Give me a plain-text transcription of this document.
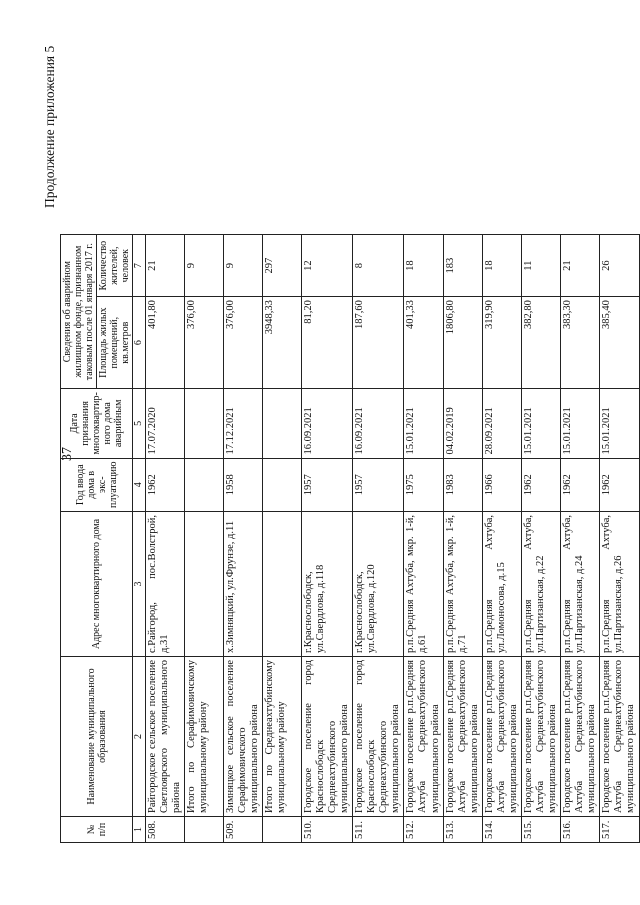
37
Продолжение приложения 5
№ п/п	Наименование муниципального образования	Адрес многоквартирного дома	Год ввода дома в экс-плуатацию	Дата признания многоквартир-ного дома аварийным	Сведения об аварийном жилищном фонде, признанном таковым после 01 января 2017 г.	
					Площадь жилых помещений, кв.метров	Количество жителей, человек
1	2	3	4	5	6	7
508.	Райгородское сельское поселение Светлоярского муниципального района	с.Райгород, пос.Волстрой, д.31	1962	17.07.2020	401,80	21
	Итого по Серафимовичскому муниципальному району				376,00	9
509.	Зимняцкое сельское поселение Серафимовичского муниципального района	х.Зимняцкий, ул.Фрунзе, д.11	1958	17.12.2021	376,00	9
	Итого по Среднеахтубинскому муниципальному району				3948,33	297
510.	Городское поселение город Краснослободск Среднеахтубинского муниципального района	г.Краснослободск, ул.Свердлова, д.118	1957	16.09.2021	81,20	12
511.	Городское поселение город Краснослободск Среднеахтубинского муниципального района	г.Краснослободск, ул.Свердлова, д.120	1957	16.09.2021	187,60	8
512.	Городское поселение р.п.Средняя Ахтуба Среднеахтубинского муниципального района	р.п.Средняя Ахтуба, мкр. 1-й, д.61	1975	15.01.2021	401,33	18
513.	Городское поселение р.п.Средняя Ахтуба Среднеахтубинского муниципального района	р.п.Средняя Ахтуба, мкр. 1-й, д.71	1983	04.02.2019	1806,80	183
514.	Городское поселение р.п.Средняя Ахтуба Среднеахтубинского муниципального района	р.п.Средняя Ахтуба, ул.Ломоносова, д.15	1966	28.09.2021	319,90	18
515.	Городское поселение р.п.Средняя Ахтуба Среднеахтубинского муниципального района	р.п.Средняя Ахтуба, ул.Партизанская, д.22	1962	15.01.2021	382,80	11
516.	Городское поселение р.п.Средняя Ахтуба Среднеахтубинского муниципального района	р.п.Средняя Ахтуба, ул.Партизанская, д.24	1962	15.01.2021	383,30	21
517.	Городское поселение р.п.Средняя Ахтуба Среднеахтубинского муниципального района	р.п.Средняя Ахтуба, ул.Партизанская, д.26	1962	15.01.2021	385,40	26
